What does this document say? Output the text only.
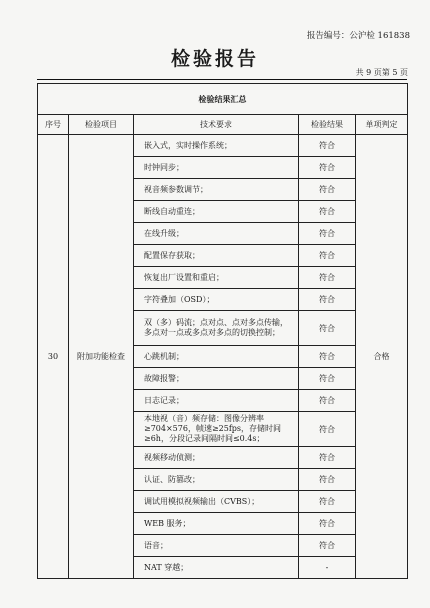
报告编号：公沪检 161838
检验报告
共 9 页第 5 页
检验结果汇总				
序号	检验项目	技术要求	检验结果	单项判定
30	附加功能检查	嵌入式，实时操作系统；	符合	合格
		时钟同步；	符合	
		视音频参数调节；	符合	
		断线自动重连；	符合	
		在线升级；	符合	
		配置保存获取；	符合	
		恢复出厂设置和重启；	符合	
		字符叠加（OSD）；	符合	
		双（多）码流；点对点、点对多点传输，多点对一点或多点对多点的切换控制；	符合	
		心跳机制；	符合	
		故障报警；	符合	
		日志记录；	符合	
		本地视（音）频存储：图像分辨率≥704×576，帧速≥25fps，存储时间≥6h，分段记录间隔时间≤0.4s；	符合	
		视频移动侦测；	符合	
		认证、防篡改；	符合	
		调试用模拟视频输出（CVBS）；	符合	
		WEB 服务；	符合	
		语音；	符合	
		NAT 穿越；	-	
